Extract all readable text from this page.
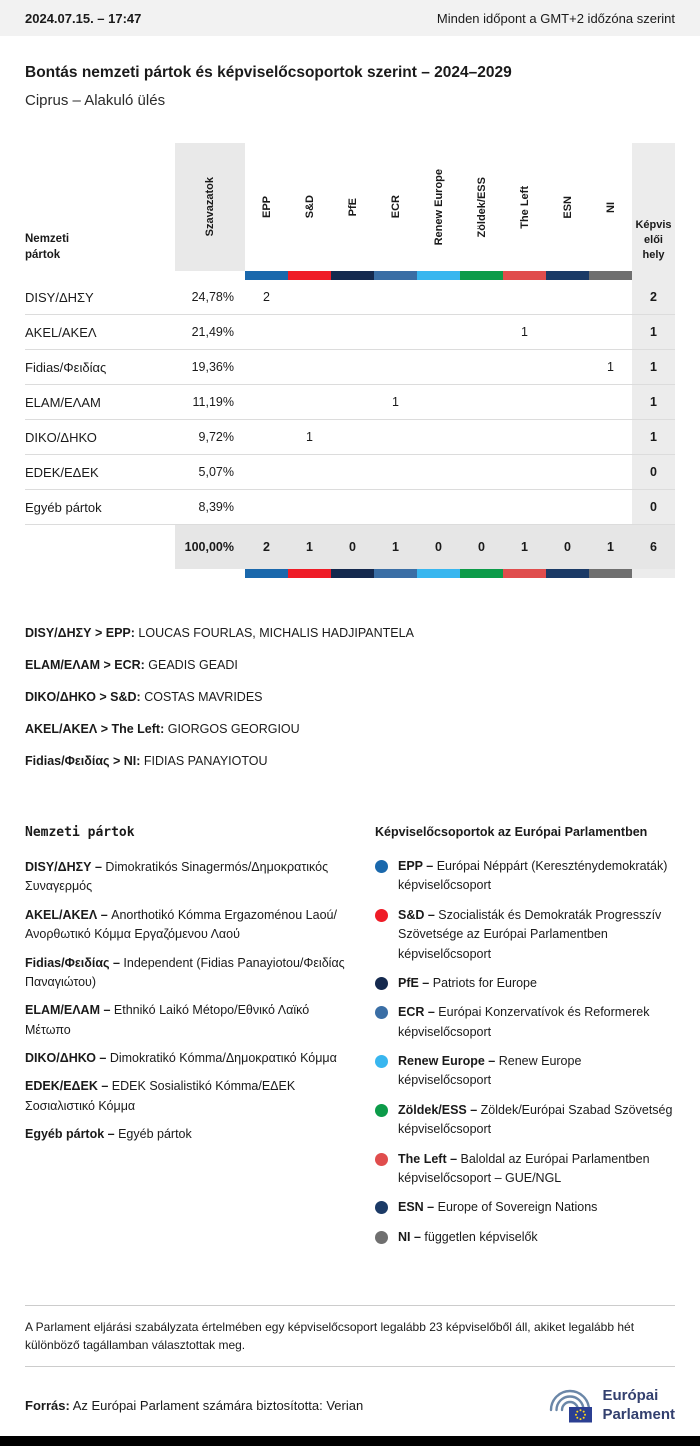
2024.07.15. – 17:47	Minden időpont a GMT+2 időzóna szerint
Bontás nemzeti pártok és képviselőcsoportok szerint – 2024–2029
Ciprus – Alakuló ülés
Nemzeti pártok	Szavazatok	EPP	S&D	PfE	ECR	Renew Europe	Zöldek/ESS	The Left	ESN	NI	Képviselői hely

DISY/ΔΗΣΥ	24,78%	2									2
AKEL/ΑΚΕΛ	21,49%							1			1
Fidias/Φειδίας	19,36%									1	1
ELAM/ΕΛΑΜ	11,19%				1						1
DIKO/ΔΗΚΟ	9,72%		1								1
EDEK/ΕΔΕΚ	5,07%										0
Egyéb pártok	8,39%										0
	100,00%	2	1	0	1	0	0	1	0	1	6

DISY/ΔΗΣΥ > EPP: LOUCAS FOURLAS, MICHALIS HADJIPANTELA

ELAM/ΕΛΑΜ > ECR: GEADIS GEADI

DIKO/ΔΗΚΟ > S&D: COSTAS MAVRIDES

AKEL/ΑΚΕΛ > The Left: GIORGOS GEORGIOU

Fidias/Φειδίας > NI: FIDIAS PANAYIOTOU

Nemzeti pártok

DISY/ΔΗΣΥ – Dimokratikós Sinagermós/Δημοκρατικός Συναγερμός

AKEL/ΑΚΕΛ – Anorthotikó Kómma Ergazoménou Laoú/Ανορθωτικό Κόμμα Εργαζόμενου Λαού

Fidias/Φειδίας – Independent (Fidias Panayiotou/Φειδίας Παναγιώτου)

ELAM/ΕΛΑΜ – Ethnikó Laikó Métopo/Εθνικό Λαϊκό Μέτωπο

DIKO/ΔΗΚΟ – Dimokratikó Kómma/Δημοκρατικό Κόμμα

EDEK/ΕΔΕΚ – EDEK Sosialistikó Kómma/ΕΔΕΚ Σοσιαλιστικό Κόμμα

Egyéb pártok – Egyéb pártok

Képviselőcsoportok az Európai Parlamentben
EPP – Európai Néppárt (Kereszténydemokraták) képviselőcsoport
S&D – Szocialisták és Demokraták Progresszív Szövetsége az Európai Parlamentben képviselőcsoport
PfE – Patriots for Europe
ECR – Európai Konzervatívok és Reformerek képviselőcsoport
Renew Europe – Renew Europe képviselőcsoport
Zöldek/ESS – Zöldek/Európai Szabad Szövetség képviselőcsoport
The Left – Baloldal az Európai Parlamentben képviselőcsoport – GUE/NGL
ESN – Europe of Sovereign Nations
NI – független képviselők
A Parlament eljárási szabályzata értelmében egy képviselőcsoport legalább 23 képviselőből áll, akiket legalább hét különböző tagállamban választottak meg.
Forrás: Az Európai Parlament számára biztosította: Verian
Európai
Parlament
